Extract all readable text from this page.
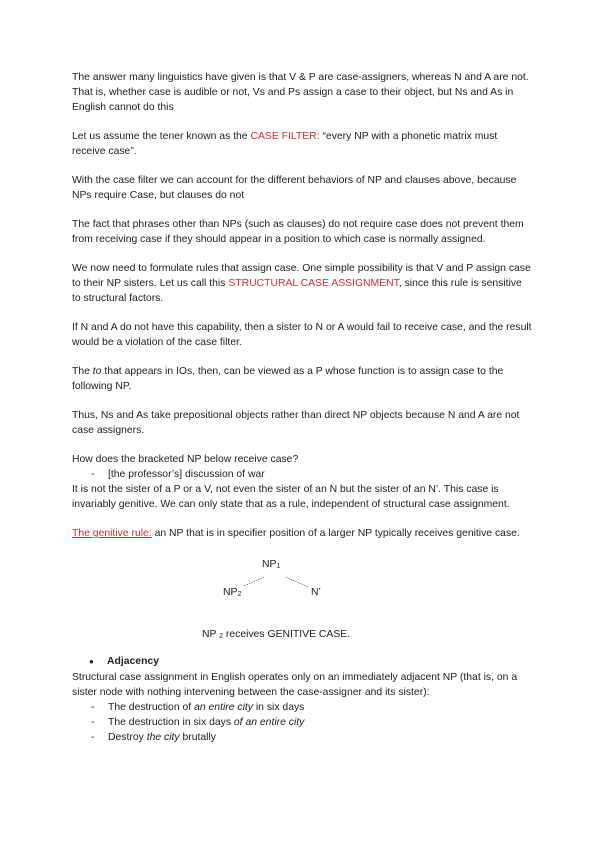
The answer many linguistics have given is that V & P are case-assigners, whereas N and A are not. That is, whether case is audible or not, Vs and Ps assign a case to their object, but Ns and As in English cannot do this

Let us assume the tener known as the CASE FILTER: “every NP with a phonetic matrix must receive case”.

With the case filter we can account for the different behaviors of NP and clauses above, because NPs require Case, but clauses do not

The fact that phrases other than NPs (such as clauses) do not require case does not prevent them from receiving case if they should appear in a position to which case is normally assigned.

We now need to formulate rules that assign case. One simple possibility is that V and P assign case to their NP sisters. Let us call this STRUCTURAL CASE ASSIGNMENT, since this rule is sensitive to structural factors.

If N and A do not have this capability, then a sister to N or A would fail to receive case, and the result would be a violation of the case filter.

The to that appears in IOs, then, can be viewed as a P whose function is to assign case to the following NP.

Thus, Ns and As take prepositional objects rather than direct NP objects because N and A are not case assigners.

How does the bracketed NP below receive case?

- [the professor’s] discussion of war

It is not the sister of a P or a V, not even the sister of an N but the sister of an N’. This case is invariably genitive. We can only state that as a rule, independent of structural case assignment.

The genitive rule: an NP that is in specifier position of a larger NP typically receives genitive case.

$NP_1$
$NP_2$	N’

NP $_2$ receives GENITIVE CASE.

● Adjacency

Structural case assignment in English operates only on an immediately adjacent NP (that is, on a sister node with nothing intervening between the case-assigner and its sister):

- The destruction of an entire city in six days
- The destruction in six days of an entire city
- Destroy the city brutally
